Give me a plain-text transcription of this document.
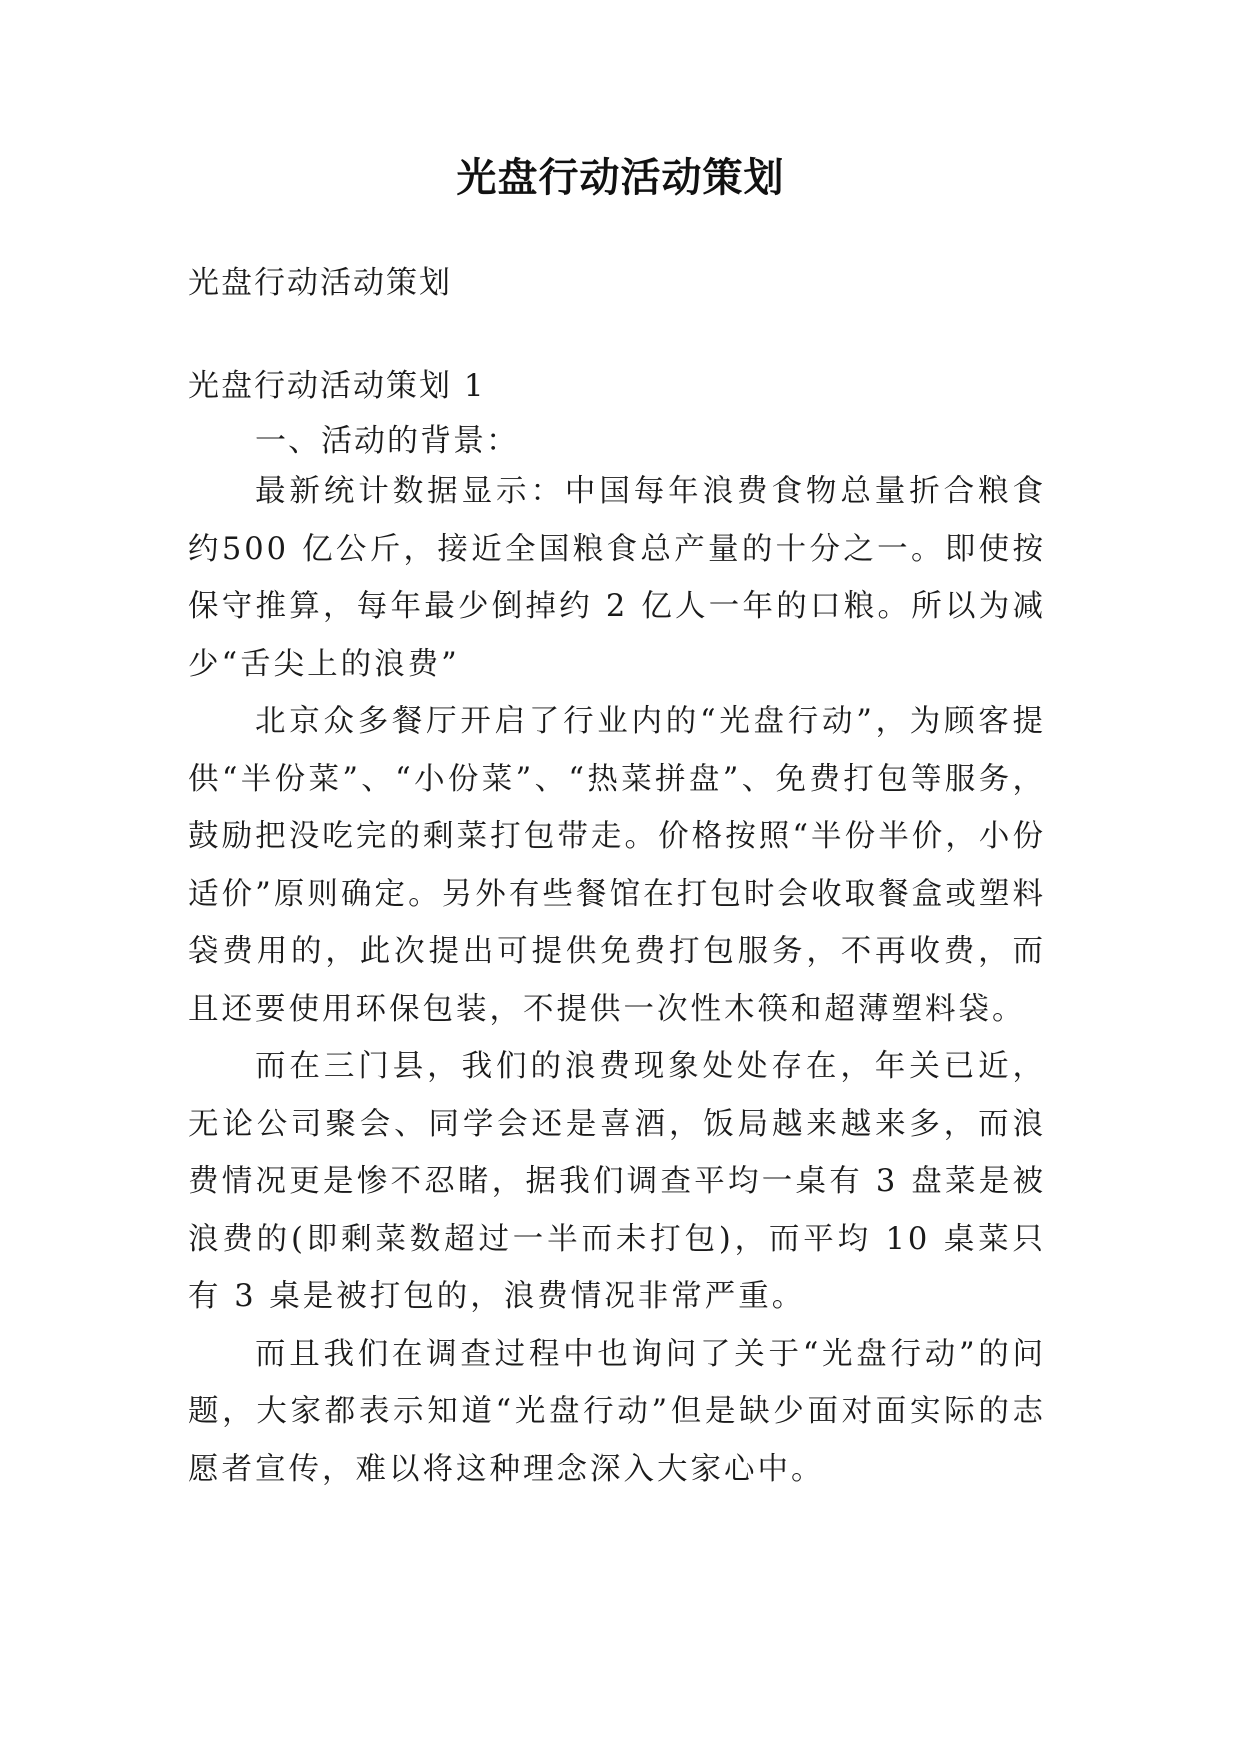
光盘行动活动策划
光盘行动活动策划
光盘行动活动策划 1
一、活动的背景：

最新统计数据显示：中国每年浪费食物总量折合粮食约500 亿公斤，接近全国粮食总产量的十分之一。即使按保守推算，每年最少倒掉约 2 亿人一年的口粮。所以为减少“舌尖上的浪费”

北京众多餐厅开启了行业内的“光盘行动”，为顾客提供“半份菜”、“小份菜”、“热菜拼盘”、免费打包等服务，鼓励把没吃完的剩菜打包带走。价格按照“半份半价，小份适价”原则确定。另外有些餐馆在打包时会收取餐盒或塑料袋费用的，此次提出可提供免费打包服务，不再收费，而且还要使用环保包装，不提供一次性木筷和超薄塑料袋。

而在三门县，我们的浪费现象处处存在，年关已近，无论公司聚会、同学会还是喜酒，饭局越来越来多，而浪费情况更是惨不忍睹，据我们调查平均一桌有 3 盘菜是被浪费的(即剩菜数超过一半而未打包)，而平均 10 桌菜只有 3 桌是被打包的，浪费情况非常严重。

而且我们在调查过程中也询问了关于“光盘行动”的问题，大家都表示知道“光盘行动”但是缺少面对面实际的志愿者宣传，难以将这种理念深入大家心中。
